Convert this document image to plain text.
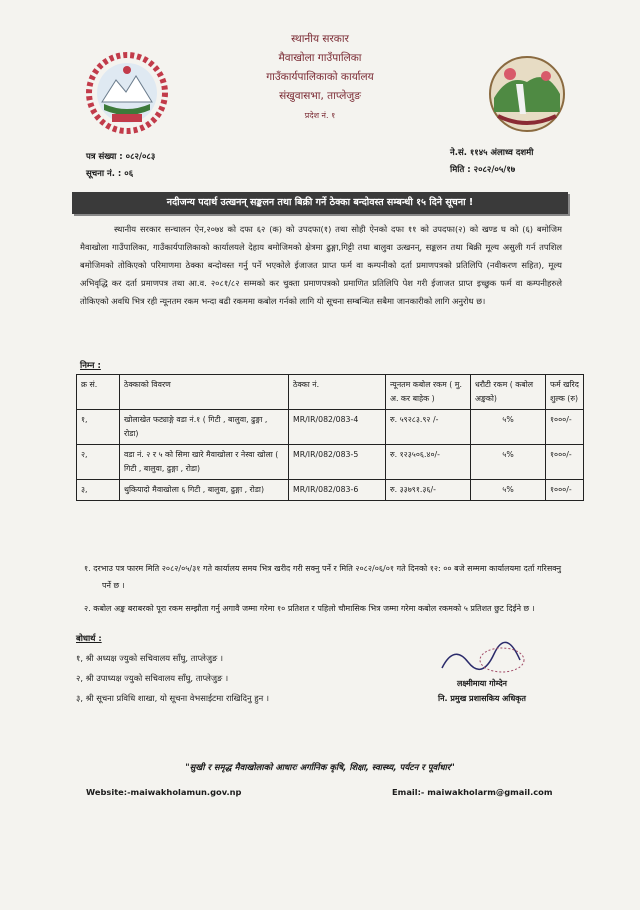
स्थानीय सरकार
मैवाखोला गाउँपालिका
गाउँकार्यपालिकाको कार्यालय
संखुवासभा, ताप्लेजुङ
प्रदेश नं. १
पत्र संख्या : ०८२/०८३
सूचना नं. : ०६
ने.सं. ११४५ अंलाध्व दशमी
मिति : २०८२/०५/१७
नदीजन्य पदार्थ उत्खनन् सङ्कलन तथा बिक्री गर्ने ठेक्का बन्दोवस्त सम्बन्धी १५ दिने सूचना !

स्थानीय सरकार सन्चालन ऐन,२०७४ को दफा ६२ (क) को उपदफा(१) तथा सोही ऐनको दफा ११ को उपदफा(२) को खण्ड घ को (६) बमोजिम मैवाखोला गाउँपालिका, गाउँकार्यपालिकाको कार्यालयले देहाय बमोजिमको क्षेत्रमा ढुङ्गा,गिट्टी तथा बालुवा उत्खनन्, सङ्कलन तथा बिक्री मूल्य असुली गर्न तपशिल बमोजिमको तोकिएको परिमाणमा ठेक्का बन्दोवस्त गर्नु पर्ने भएकोले ईजाजत प्राप्त फर्म वा कम्पनीको दर्ता प्रमाणपत्रको प्रतिलिपि (नवीकरण सहित), मूल्य अभिवृद्धि कर दर्ता प्रमाणपत्र तथा आ.व. २०८१/८२ सम्मको कर चुक्ता प्रमाणपत्रको प्रमाणित प्रतिलिपि पेश गरी ईजाजत प्राप्त इच्छुक फर्म वा कम्पनीहरुले तोकिएको अवधि भित्र रही न्यूनतम रकम भन्दा बढी रकममा कबोल गर्नको लागि यो सूचना सम्बन्धित सबैमा जानकारीको लागि अनुरोध छ।

निम्न :
क्र सं.	ठेक्काको विवरण	ठेक्का नं.	न्यूनतम कबोल रकम ( मु. अ. कर बाहेक )	धरौटी रकम ( कबोल अङ्कको)	फर्म खरिद शुल्क (रु)
१,	खोलाखेत फट्याङ्गे वडा नं.१ ( गिटी , बालुवा, ढुङ्गा , रोडा)	MR/IR/082/083-4	रु. ५९२८३.९२ /-	५%	१०००/-
२,	वडा नं. २ र ५ को सिमा खारे मैवाखोला र नेस्वा खोला ( गिटी , बालुवा, ढुङ्गा , रोडा)	MR/IR/082/083-5	रु. १२३५०६.४०/-	५%	१०००/-
३,	थुकियादो मैवाखोला ६ गिटी , बालुवा, ढुङ्गा , रोडा)	MR/IR/082/083-6	रु. ३३७९१.३६/-	५%	१०००/-
१. दरभाउ पत्र फारम मिति २०८२/०५/३१ गते कार्यालय समय भित्र खरीद गरी सक्नु पर्ने र मिति २०८२/०६/०१ गते दिनको १२: ०० बजे सम्ममा कार्यालयमा दर्ता गरिसक्नु पर्ने छ ।
२. कबोल अङ्क बराबरको पूरा रकम सम्झौता गर्नु अगावै जम्मा गरेमा १० प्रतिशत र पहिलो चौमासिक भित्र जम्मा गरेमा कबोल रकमको ५ प्रतिशत छुट दिईने छ ।
बोधार्थ :
१, श्री अध्यक्ष ज्युको सचिवालय साँघु, ताप्लेजुङ ।
२, श्री उपाध्यक्ष ज्युको सचिवालय साँघु, ताप्लेजुङ ।
३, श्री सूचना प्रविधि शाखा, यो सूचना वेभसाईटमा राखिदिनु हुन ।
लक्ष्मीमाया गोम्देन
नि. प्रमुख प्रशासकिय अधिकृत
"सुखी र समृद्ध मैवाखोलाको आधारः अर्गानिक कृषि, शिक्षा, स्वास्थ्य, पर्यटन र पूर्वाधार"
Website:-maiwakholamun.gov.np	Email:- maiwakholarm@gmail.com
